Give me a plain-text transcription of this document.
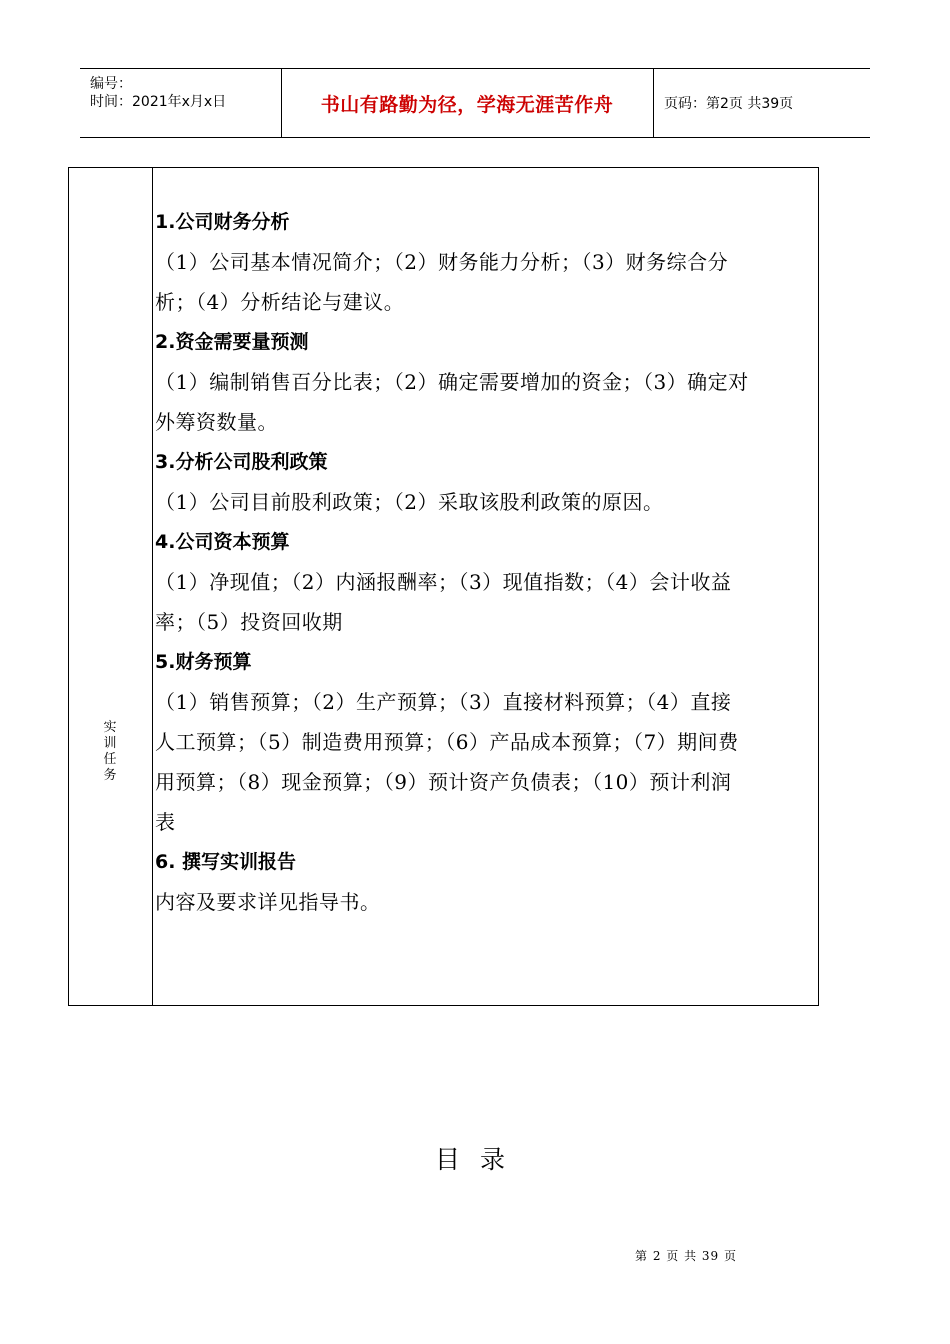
编号：
时间：2021年x月x日	书山有路勤为径，学海无涯苦作舟	页码：第2页 共39页
实训任务
1.公司财务分析
（1）公司基本情况简介；（2）财务能力分析；（3）财务综合分
析；（4）分析结论与建议。
2.资金需要量预测
（1）编制销售百分比表；（2）确定需要增加的资金；（3）确定对
外筹资数量。
3.分析公司股利政策
（1）公司目前股利政策；（2）采取该股利政策的原因。
4.公司资本预算
（1）净现值；（2）内涵报酬率；（3）现值指数；（4）会计收益
率；（5）投资回收期
5.财务预算
（1）销售预算；（2）生产预算；（3）直接材料预算；（4）直接
人工预算；（5）制造费用预算；（6）产品成本预算；（7）期间费
用预算；（8）现金预算；（9）预计资产负债表；（10）预计利润
表
6. 撰写实训报告
内容及要求详见指导书。
目录
第 2 页 共 39 页
